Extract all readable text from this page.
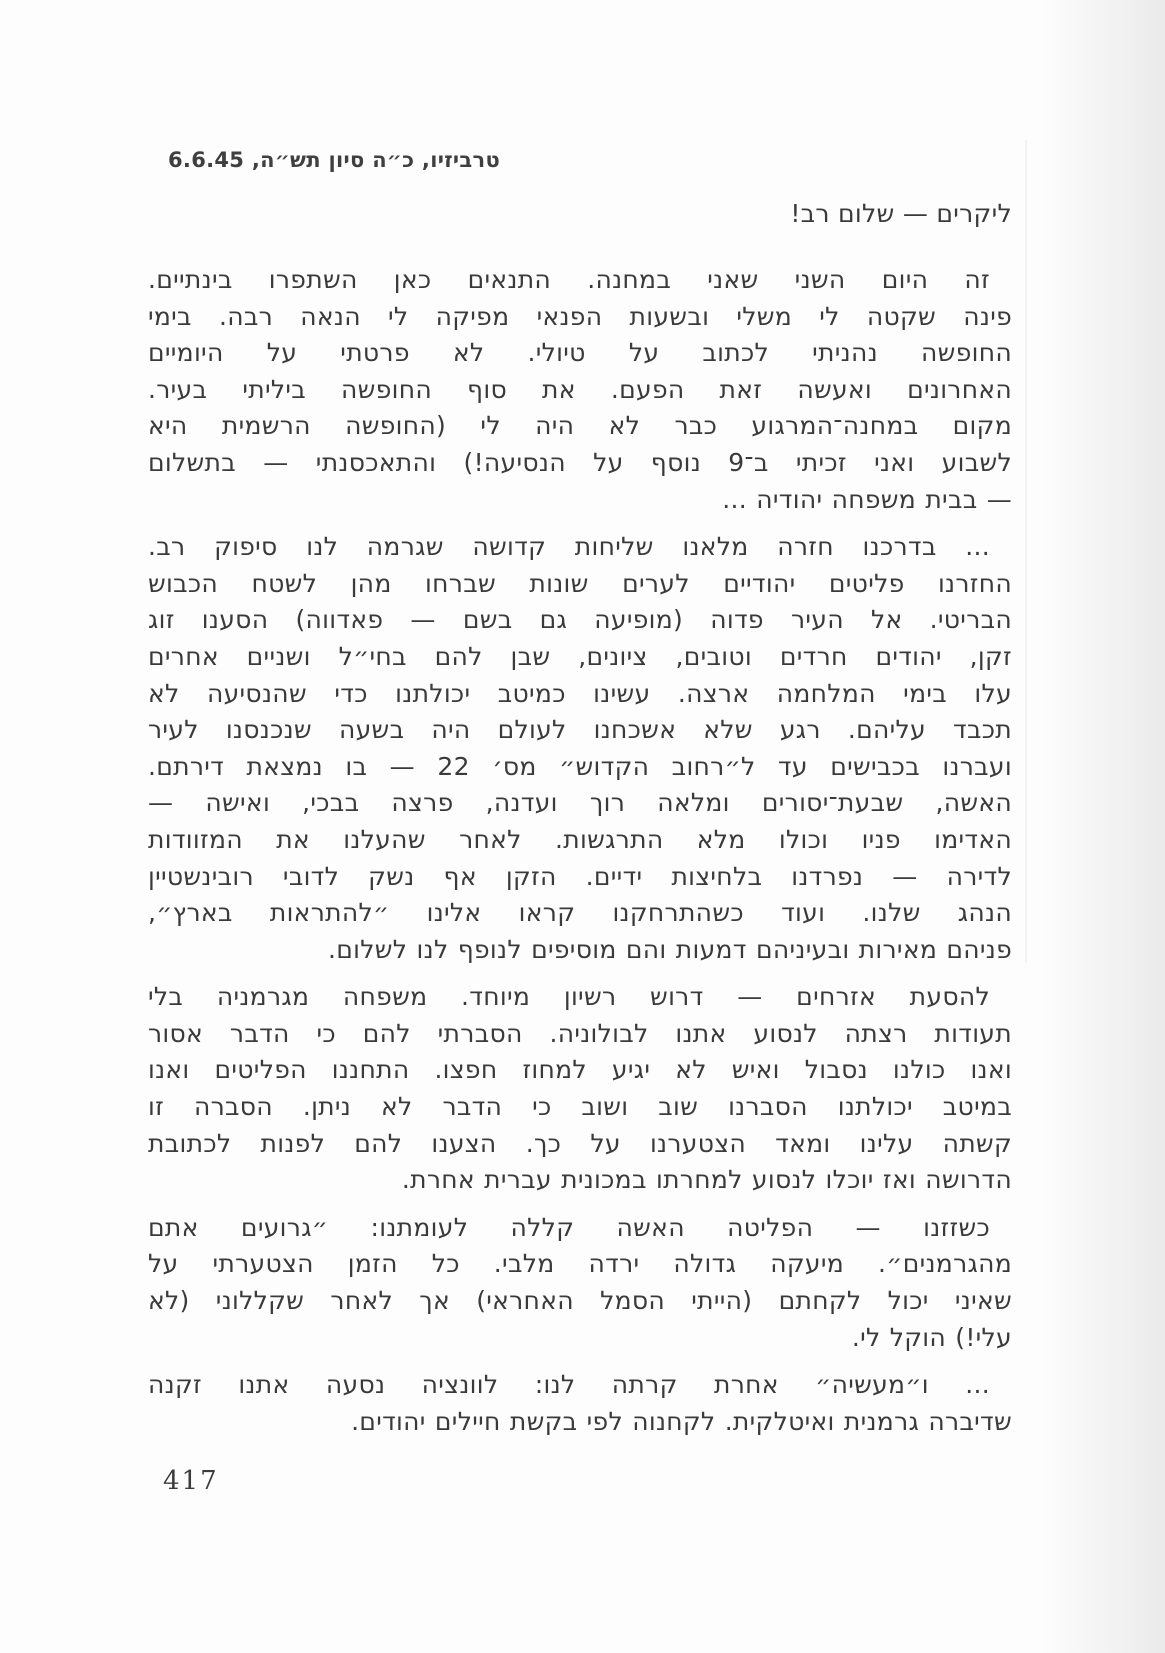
טרביזיו, כ״ה סיון תש״ה, 6.6.45
ליקרים — שלום רב!
זה היום השני שאני במחנה. התנאים כאן השתפרו בינתיים.
פינה שקטה לי משלי ובשעות הפנאי מפיקה לי הנאה רבה. בימי
החופשה נהניתי לכתוב על טיולי. לא פרטתי על היומיים
האחרונים ואעשה זאת הפעם. את סוף החופשה ביליתי בעיר.
מקום במחנה־המרגוע כבר לא היה לי (החופשה הרשמית היא
לשבוע ואני זכיתי ב־9 נוסף על הנסיעה!) והתאכסנתי — בתשלום
— בבית משפחה יהודיה ...
... בדרכנו חזרה מלאנו שליחות קדושה שגרמה לנו סיפוק רב.
החזרנו פליטים יהודיים לערים שונות שברחו מהן לשטח הכבוש
הבריטי. אל העיר פדוה (מופיעה גם בשם — פאדווה) הסענו זוג
זקן, יהודים חרדים וטובים, ציונים, שבן להם בחי״ל ושניים אחרים
עלו בימי המלחמה ארצה. עשינו כמיטב יכולתנו כדי שהנסיעה לא
תכבד עליהם. רגע שלא אשכחנו לעולם היה בשעה שנכנסנו לעיר
ועברנו בכבישים עד ל״רחוב הקדוש״ מס׳ 22 — בו נמצאת דירתם.
האשה, שבעת־יסורים ומלאה רוך ועדנה, פרצה בבכי, ואישה —
האדימו פניו וכולו מלא התרגשות. לאחר שהעלנו את המזוודות
לדירה — נפרדנו בלחיצות ידיים. הזקן אף נשק לדובי רובינשטיין
הנהג שלנו. ועוד כשהתרחקנו קראו אלינו ״להתראות בארץ״,
פניהם מאירות ובעיניהם דמעות והם מוסיפים לנופף לנו לשלום.
להסעת אזרחים — דרוש רשיון מיוחד. משפחה מגרמניה בלי
תעודות רצתה לנסוע אתנו לבולוניה. הסברתי להם כי הדבר אסור
ואנו כולנו נסבול ואיש לא יגיע למחוז חפצו. התחננו הפליטים ואנו
במיטב יכולתנו הסברנו שוב ושוב כי הדבר לא ניתן. הסברה זו
קשתה עלינו ומאד הצטערנו על כך. הצענו להם לפנות לכתובת
הדרושה ואז יוכלו לנסוע למחרתו במכונית עברית אחרת.
כשזזנו — הפליטה האשה קללה לעומתנו: ״גרועים אתם
מהגרמנים״. מיעקה גדולה ירדה מלבי. כל הזמן הצטערתי על
שאיני יכול לקחתם (הייתי הסמל האחראי) אך לאחר שקללוני (לא
עלי!) הוקל לי.
... ו״מעשיה״ אחרת קרתה לנו: לוונציה נסעה אתנו זקנה
שדיברה גרמנית ואיטלקית. לקחנוה לפי בקשת חיילים יהודים.
417
